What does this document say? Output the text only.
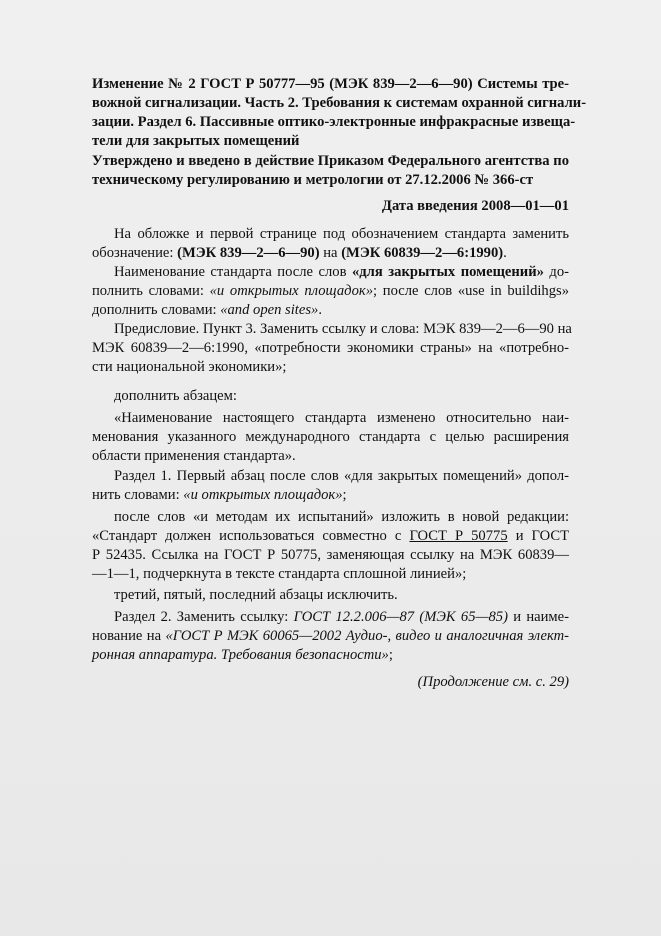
Изменение № 2 ГОСТ Р 50777—95 (МЭК 839—2—6—90) Системы тре-
вожной сигнализации. Часть 2. Требования к системам охранной сигнали-
зации. Раздел 6. Пассивные оптико-электронные инфракрасные извеща-
тели для закрытых помещений
Утверждено и введено в действие Приказом Федерального агентства по
техническому регулированию и метрологии от 27.12.2006 № 366-ст
Дата введения 2008—01—01
На обложке и первой странице под обозначением стандарта заменить
обозначение: (МЭК 839—2—6—90) на (МЭК 60839—2—6:1990).
Наименование стандарта после слов «для закрытых помещений» до-
полнить словами: «и открытых площадок»; после слов «use in buildihgs»
дополнить словами: «and open sites».
Предисловие. Пункт 3. Заменить ссылку и слова: МЭК 839—2—6—90 на
МЭК 60839—2—6:1990, «потребности экономики страны» на «потребно-
сти национальной экономики»;
дополнить абзацем:
«Наименование настоящего стандарта изменено относительно наи-
менования указанного международного стандарта с целью расширения
области применения стандарта».
Раздел 1. Первый абзац после слов «для закрытых помещений» допол-
нить словами: «и открытых площадок»;
после слов «и методам их испытаний» изложить в новой редакции:
«Стандарт должен использоваться совместно с ГОСТ Р 50775 и ГОСТ
Р 52435. Ссылка на ГОСТ Р 50775, заменяющая ссылку на МЭК 60839—
—1—1, подчеркнута в тексте стандарта сплошной линией»;
третий, пятый, последний абзацы исключить.
Раздел 2. Заменить ссылку: ГОСТ 12.2.006—87 (МЭК 65—85) и наиме-
нование на «ГОСТ Р МЭК 60065—2002 Аудио-, видео и аналогичная элект-
ронная аппаратура. Требования безопасности»;
(Продолжение см. с. 29)
